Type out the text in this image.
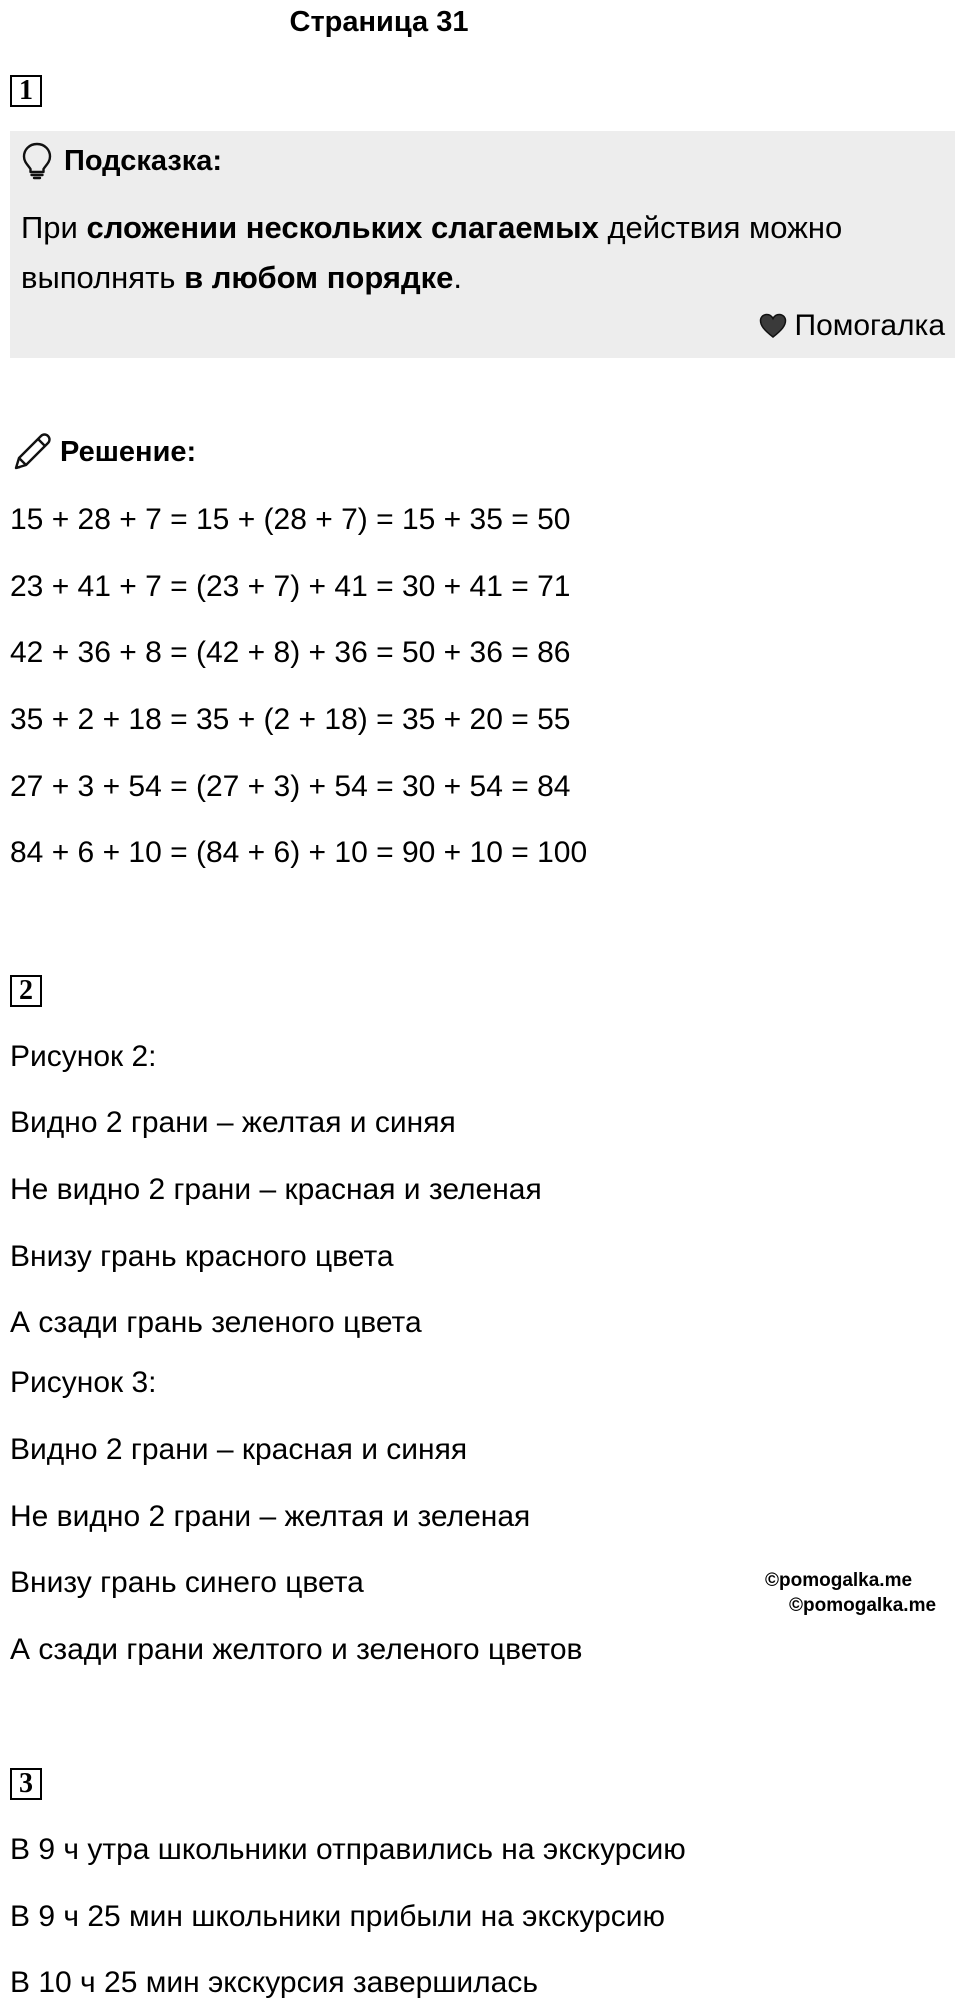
Страница 31
1
Подсказка:
При сложении нескольких слагаемых действия можно выполнять в любом порядке.
Помогалка
Решение:
15 + 28 + 7 = 15 + (28 + 7) = 15 + 35 = 50
23 + 41 + 7 = (23 + 7) + 41 = 30 + 41 = 71
42 + 36 + 8 = (42 + 8) + 36 = 50 + 36 = 86
35 + 2 + 18 = 35 + (2 + 18) = 35 + 20 = 55
27 + 3 + 54 = (27 + 3) + 54 = 30 + 54 = 84
84 + 6 + 10 = (84 + 6) + 10 = 90 + 10 = 100
2
Рисунок 2:
Видно 2 грани – желтая и синяя
Не видно 2 грани – красная и зеленая
Внизу грань красного цвета
А сзади грань зеленого цвета
Рисунок 3:
Видно 2 грани – красная и синяя
Не видно 2 грани – желтая и зеленая
Внизу грань синего цвета
А сзади грани желтого и зеленого цветов
©pomogalka.me
©pomogalka.me
3
В 9 ч утра школьники отправились на экскурсию
В 9 ч 25 мин школьники прибыли на экскурсию
В 10 ч 25 мин экскурсия завершилась
